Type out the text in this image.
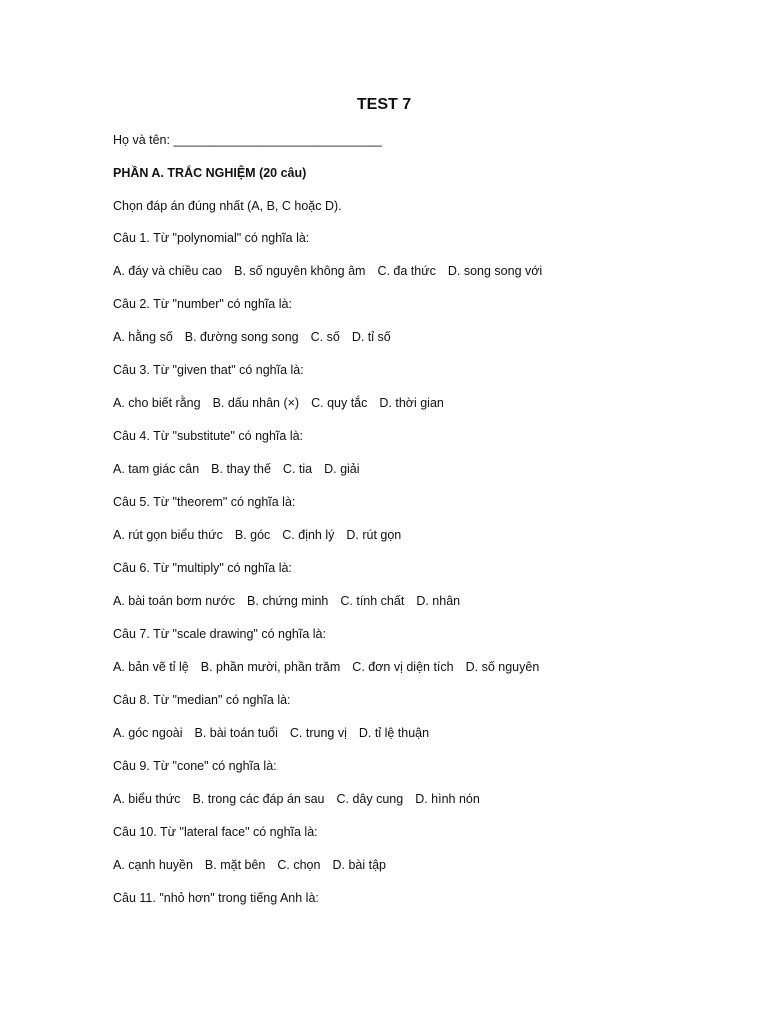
TEST 7
Họ và tên: ______________________________
PHẦN A. TRẮC NGHIỆM (20 câu)
Chọn đáp án đúng nhất (A, B, C hoặc D).
Câu 1. Từ "polynomial" có nghĩa là:
A. đáy và chiều cao B. số nguyên không âm C. đa thức D. song song với
Câu 2. Từ "number" có nghĩa là:
A. hằng số B. đường song song C. số D. tỉ số
Câu 3. Từ "given that" có nghĩa là:
A. cho biết rằng B. dấu nhân (×) C. quy tắc D. thời gian
Câu 4. Từ "substitute" có nghĩa là:
A. tam giác cân B. thay thế C. tia D. giải
Câu 5. Từ "theorem" có nghĩa là:
A. rút gọn biểu thức B. góc C. định lý D. rút gọn
Câu 6. Từ "multiply" có nghĩa là:
A. bài toán bơm nước B. chứng minh C. tính chất D. nhân
Câu 7. Từ "scale drawing" có nghĩa là:
A. bản vẽ tỉ lệ B. phần mười, phần trăm C. đơn vị diện tích D. số nguyên
Câu 8. Từ "median" có nghĩa là:
A. góc ngoài B. bài toán tuổi C. trung vị D. tỉ lệ thuận
Câu 9. Từ "cone" có nghĩa là:
A. biểu thức B. trong các đáp án sau C. dây cung D. hình nón
Câu 10. Từ "lateral face" có nghĩa là:
A. cạnh huyền B. mặt bên C. chọn D. bài tập
Câu 11. "nhỏ hơn" trong tiếng Anh là:
